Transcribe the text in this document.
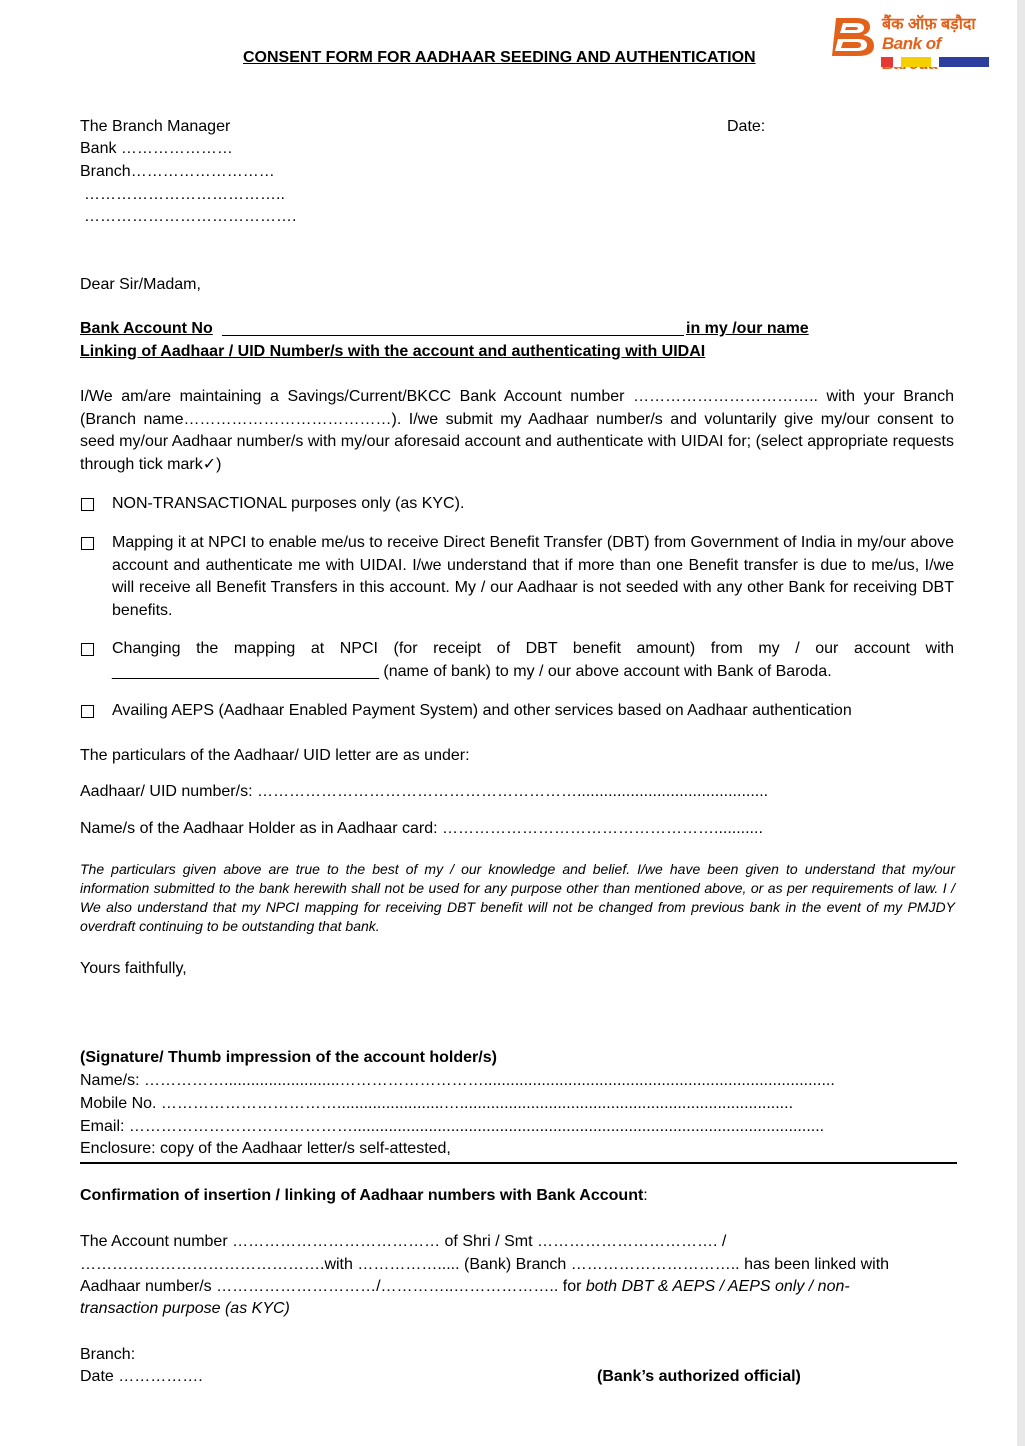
CONSENT FORM FOR AADHAAR SEEDING AND AUTHENTICATION
बैंक ऑफ़ बड़ौदा
Bank of
The Branch Manager	Date:
Bank …………………
Branch………………………
………………………………..
………………………………….
Dear Sir/Madam,
Bank Account No	in my /our name
Linking of Aadhaar / UID Number/s with the account and authenticating with UIDAI
I/We am/are maintaining a Savings/Current/BKCC Bank Account number …………………………….. with your Branch (Branch name…………………………………). I/we submit my Aadhaar number/s and voluntarily give my/our consent to seed my/our Aadhaar number/s with my/our aforesaid account and authenticate with UIDAI for; (select appropriate requests through tick mark✓)
NON-TRANSACTIONAL purposes only (as KYC).
Mapping it at NPCI to enable me/us to receive Direct Benefit Transfer (DBT) from Government of India in my/our above account and authenticate me with UIDAI. I/we understand that if more than one Benefit transfer is due to me/us, I/we will receive all Benefit Transfers in this account. My / our Aadhaar is not seeded with any other Bank for receiving DBT benefits.
Changing the mapping at NPCI (for receipt of DBT benefit amount) from my / our account with ______________________________ (name of bank) to my / our above account with Bank of Baroda.
Availing AEPS (Aadhaar Enabled Payment System) and other services based on Aadhaar authentication
The particulars of the Aadhaar/ UID letter are as under:
Aadhaar/ UID number/s: ……………………………………………………...........................................
Name/s of the Aadhaar Holder as in Aadhaar card: ……………………………………………...........
The particulars given above are true to the best of my / our knowledge and belief. I/we have been given to understand that my/our information submitted to the bank herewith shall not be used for any purpose other than mentioned above, or as per requirements of law. I / We also understand that my NPCI mapping for receiving DBT benefit will not be changed from previous bank in the event of my PMJDY overdraft continuing to be outstanding that bank.
Yours faithfully,
(Signature/ Thumb impression of the account holder/s)
Name/s: ……………..........................………………………...............................................................................
Mobile No. ……………………………........................…...........................................................................
Email: ……………………………………..........................................................................................................
Enclosure: copy of the Aadhaar letter/s self-attested,
Confirmation of insertion / linking of Aadhaar numbers with Bank Account:
The Account number ………………………………… of Shri / Smt ……………………………. /
……………………………………….with ……………..... (Bank) Branch ………………………….. has been linked with
Aadhaar number/s …………………………/…………..……………….. for both DBT & AEPS / AEPS only / non-
transaction purpose (as KYC)
Branch:
Date …………….	(Bank’s authorized official)
